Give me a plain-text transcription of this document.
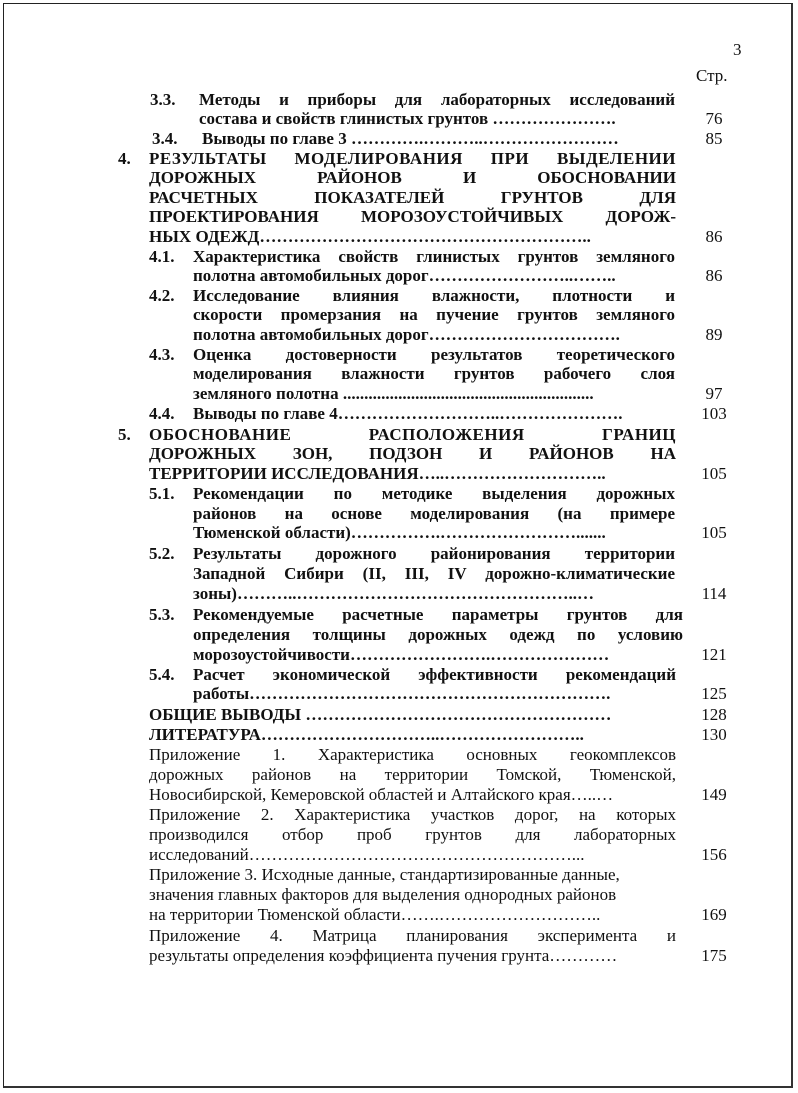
3
Стр.
3.3. Методы и приборы для лабораторных исследований
состава и свойств глинистых грунтов ………………….	76
3.4. Выводы по главе 3 ………….………..……………………	85
4. РЕЗУЛЬТАТЫ МОДЕЛИРОВАНИЯ ПРИ ВЫДЕЛЕНИИ
ДОРОЖНЫХ РАЙОНОВ И ОБОСНОВАНИИ
РАСЧЕТНЫХ ПОКАЗАТЕЛЕЙ ГРУНТОВ ДЛЯ
ПРОЕКТИРОВАНИЯ МОРОЗОУСТОЙЧИВЫХ ДОРОЖ-
НЫХ ОДЕЖД…………………………………………………..	86
4.1. Характеристика свойств глинистых грунтов земляного
полотна автомобильных дорог……………………..……..	86
4.2. Исследование влияния влажности, плотности и
скорости промерзания на пучение грунтов земляного
полотна автомобильных дорог…………………………….	89
4.3. Оценка достоверности результатов теоретического
моделирования влажности грунтов рабочего слоя
земляного полотна ...........................................................	97
4.4. Выводы по главе 4………………………..………………….	103
5. ОБОСНОВАНИЕ РАСПОЛОЖЕНИЯ ГРАНИЦ
ДОРОЖНЫХ ЗОН, ПОДЗОН И РАЙОНОВ НА
ТЕРРИТОРИИ ИССЛЕДОВАНИЯ…..………………………..	105
5.1. Рекомендации по методике выделения дорожных
районов на основе моделирования (на примере
Тюменской области)…………….…………………….......	105
5.2. Результаты дорожного районирования территории
Западной Сибири (II, III, IV дорожно-климатические
зоны)………..…………………………………………..…	114
5.3. Рекомендуемые расчетные параметры грунтов для
определения толщины дорожных одежд по условию
морозоустойчивости…………………….…………………	121
5.4. Расчет экономической эффективности рекомендаций
работы……………………………………………………….	125
ОБЩИЕ ВЫВОДЫ ………………………………………………	128
ЛИТЕРАТУРА…………………………..……………………..	130
Приложение 1. Характеристика основных геокомплексов
дорожных районов на территории Томской, Тюменской,
Новосибирской, Кемеровской областей и Алтайского края…..…	149
Приложение 2. Характеристика участков дорог, на которых
производился отбор проб грунтов для лабораторных
исследований…………………………………………………...	156
Приложение 3. Исходные данные, стандартизированные данные,
значения главных факторов для выделения однородных районов
на территории Тюменской области…….………………………..	169
Приложение 4. Матрица планирования эксперимента и
результаты определения коэффициента пучения грунта…………	175
